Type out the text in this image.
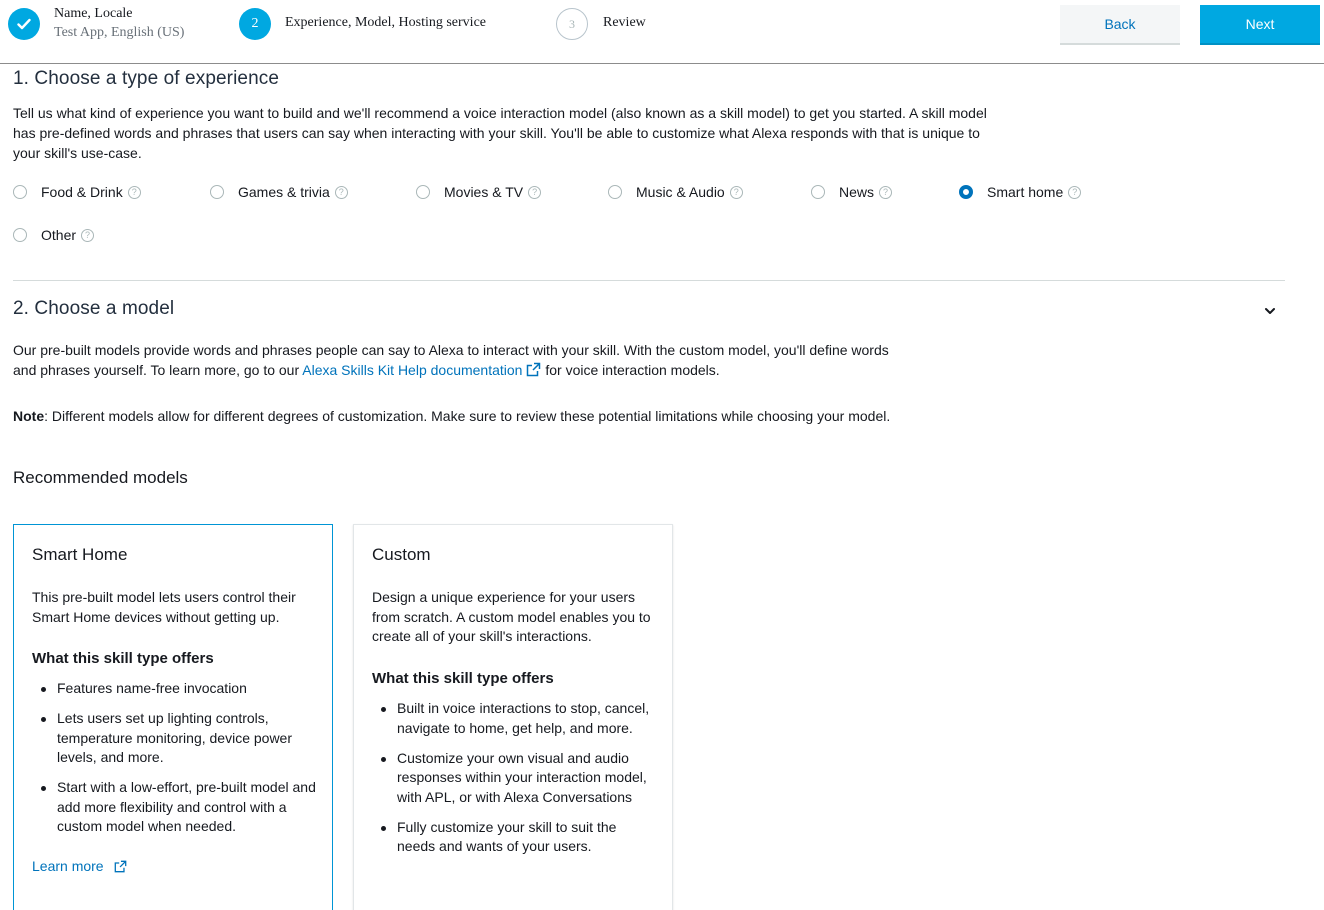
Name, Locale
Test App, English (US)
2	Experience, Model, Hosting service	3	Review	Back	Next
1. Choose a type of experience
Tell us what kind of experience you want to build and we'll recommend a voice interaction model (also known as a skill model) to get you started. A skill model has pre-defined words and phrases that users can say when interacting with your skill. You'll be able to customize what Alexa responds with that is unique to your skill's use-case.
Food & Drink ?	Games & trivia ?	Movies & TV ?	Music & Audio ?	News ?	Smart home ?
Other ?
2. Choose a model
Our pre-built models provide words and phrases people can say to Alexa to interact with your skill. With the custom model, you'll define words and phrases yourself. To learn more, go to our Alexa Skills Kit Help documentation for voice interaction models.
Note: Different models allow for different degrees of customization. Make sure to review these potential limitations while choosing your model.
Recommended models
Smart Home
This pre-built model lets users control their Smart Home devices without getting up.
What this skill type offers
Features name-free invocation
Lets users set up lighting controls, temperature monitoring, device power levels, and more.
Start with a low-effort, pre-built model and add more flexibility and control with a custom model when needed.
Learn more
Custom
Design a unique experience for your users from scratch. A custom model enables you to create all of your skill's interactions.
What this skill type offers
Built in voice interactions to stop, cancel, navigate to home, get help, and more.
Customize your own visual and audio responses within your interaction model, with APL, or with Alexa Conversations
Fully customize your skill to suit the needs and wants of your users.
